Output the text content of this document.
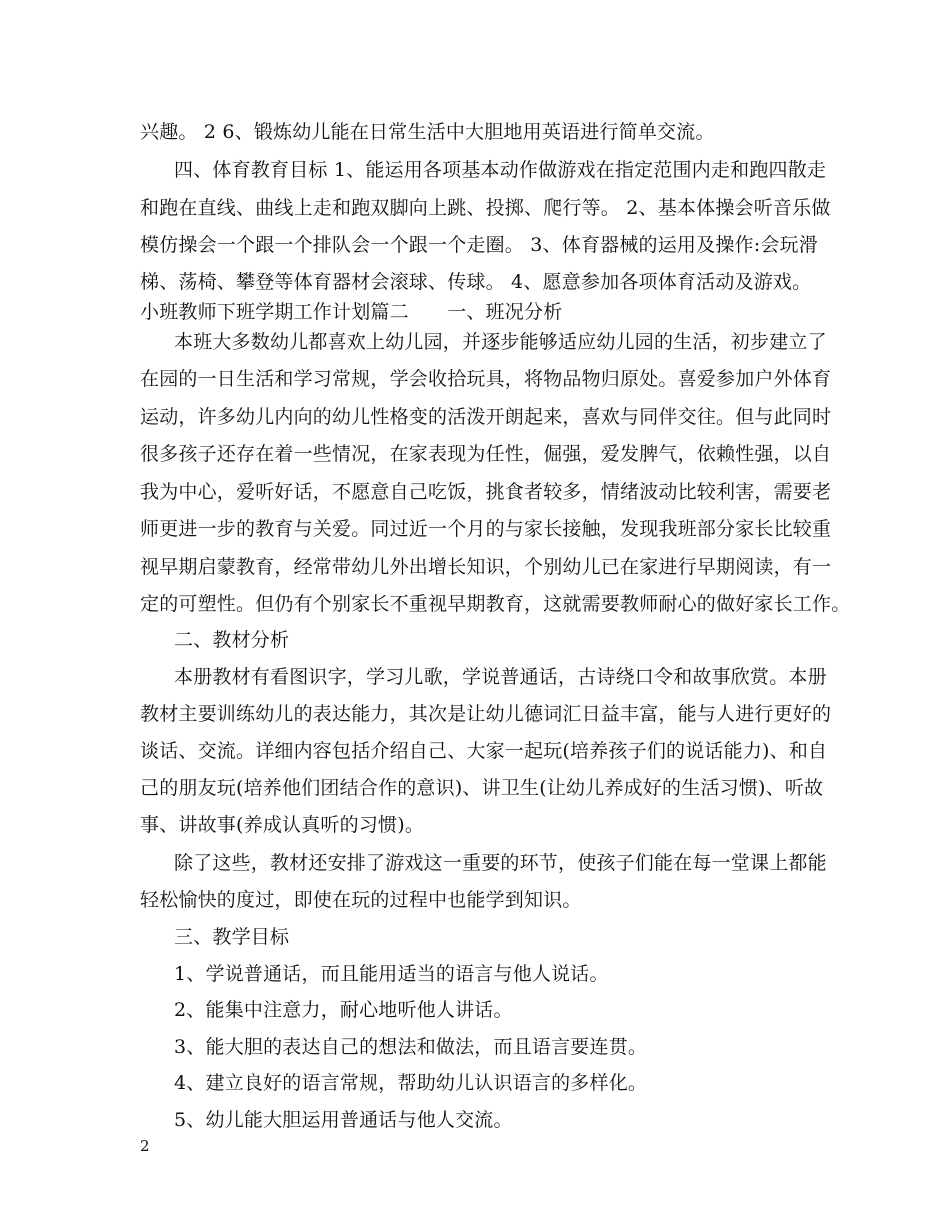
兴趣。 2 6、锻炼幼儿能在日常生活中大胆地用英语进行简单交流。
四、体育教育目标 1、能运用各项基本动作做游戏在指定范围内走和跑四散走
和跑在直线、曲线上走和跑双脚向上跳、投掷、爬行等。 2、基本体操会听音乐做
模仿操会一个跟一个排队会一个跟一个走圈。 3、体育器械的运用及操作:会玩滑
梯、荡椅、攀登等体育器材会滚球、传球。 4、愿意参加各项体育活动及游戏。
小班教师下班学期工作计划篇二　　一、班况分析
本班大多数幼儿都喜欢上幼儿园，并逐步能够适应幼儿园的生活，初步建立了
在园的一日生活和学习常规，学会收拾玩具，将物品物归原处。喜爱参加户外体育
运动，许多幼儿内向的幼儿性格变的活泼开朗起来，喜欢与同伴交往。但与此同时
很多孩子还存在着一些情况，在家表现为任性，倔强，爱发脾气，依赖性强，以自
我为中心，爱听好话，不愿意自己吃饭，挑食者较多，情绪波动比较利害，需要老
师更进一步的教育与关爱。同过近一个月的与家长接触，发现我班部分家长比较重
视早期启蒙教育，经常带幼儿外出增长知识，个别幼儿已在家进行早期阅读，有一
定的可塑性。但仍有个别家长不重视早期教育，这就需要教师耐心的做好家长工作。
二、教材分析
本册教材有看图识字，学习儿歌，学说普通话，古诗绕口令和故事欣赏。本册
教材主要训练幼儿的表达能力，其次是让幼儿德词汇日益丰富，能与人进行更好的
谈话、交流。详细内容包括介绍自己、大家一起玩(培养孩子们的说话能力)、和自
己的朋友玩(培养他们团结合作的意识)、讲卫生(让幼儿养成好的生活习惯)、听故
事、讲故事(养成认真听的习惯)。
除了这些，教材还安排了游戏这一重要的环节，使孩子们能在每一堂课上都能
轻松愉快的度过，即使在玩的过程中也能学到知识。
三、教学目标
1、学说普通话，而且能用适当的语言与他人说话。
2、能集中注意力，耐心地听他人讲话。
3、能大胆的表达自己的想法和做法，而且语言要连贯。
4、建立良好的语言常规，帮助幼儿认识语言的多样化。
5、幼儿能大胆运用普通话与他人交流。
2
